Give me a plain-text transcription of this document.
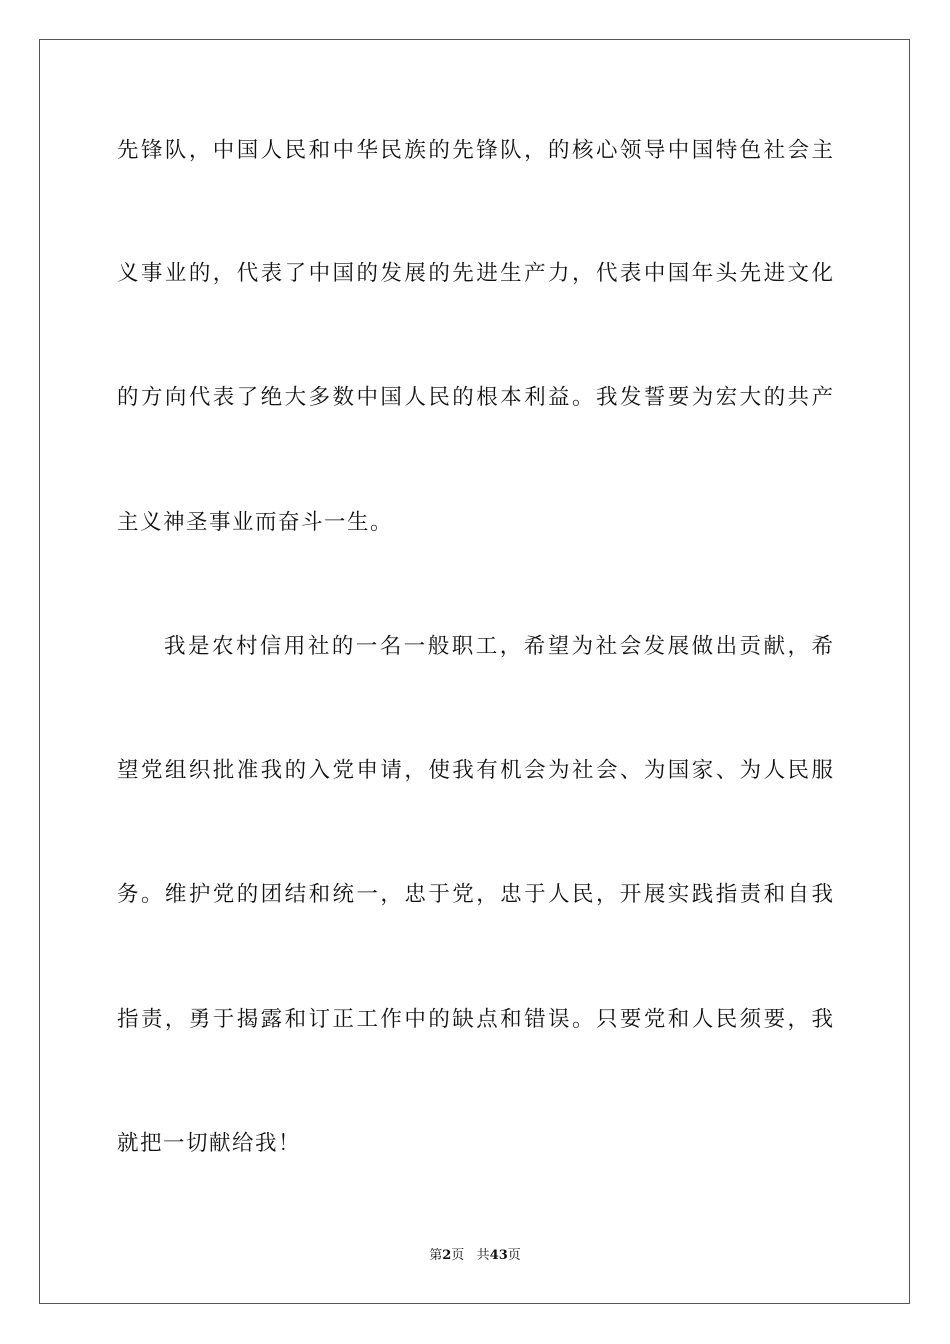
先锋队，中国人民和中华民族的先锋队，的核心领导中国特色社会主
义事业的，代表了中国的发展的先进生产力，代表中国年头先进文化
的方向代表了绝大多数中国人民的根本利益。我发誓要为宏大的共产
主义神圣事业而奋斗一生。
我是农村信用社的一名一般职工，希望为社会发展做出贡献，希
望党组织批准我的入党申请，使我有机会为社会、为国家、为人民服
务。维护党的团结和统一，忠于党，忠于人民，开展实践指责和自我
指责，勇于揭露和订正工作中的缺点和错误。只要党和人民须要，我
就把一切献给我！
第2页 共43页
